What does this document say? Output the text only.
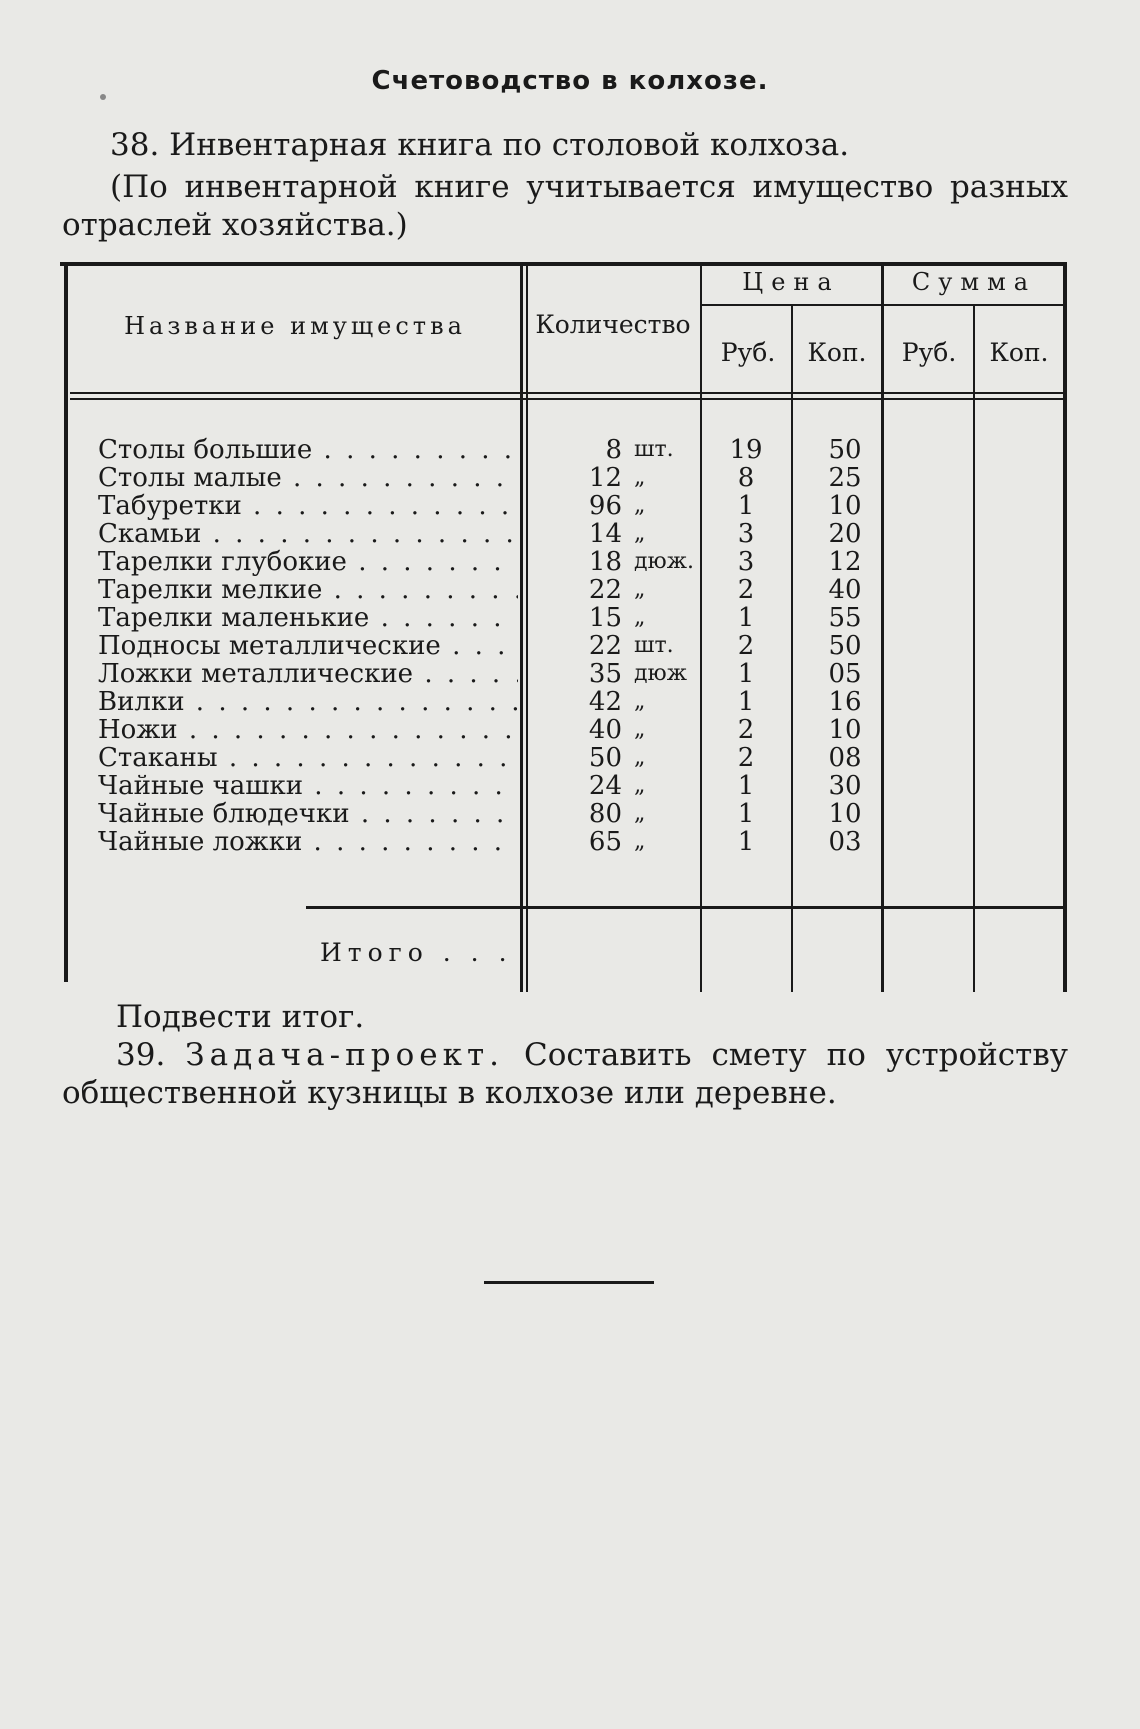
Счетоводство в колхозе.
38. Инвентарная книга по столовой колхоза.
(По инвентарной книге учитывается имущество разных
отраслей хозяйства.)
Название имущества	Количество
Цена	Сумма
Руб.	Коп.	Руб.	Коп.
Столы большие . . .	8 шт.	19	50
Столы малые . . .	12 „	8	25
Табуретки . . .	96 „	1	10
Скамьи . . .	14 „	3	20
Тарелки глубокие . . .	18 дюж.	3	12
Тарелки мелкие . . .	22 „	2	40
Тарелки маленькие . . .	15 „	1	55
Подносы металлические . . .	22 шт.	2	50
Ложки металлические . . .	35 дюж	1	05
Вилки . . .	42 „	1	16
Ножи . . .	40 „	2	10
Стаканы . . .	50 „	2	08
Чайные чашки . . .	24 „	1	30
Чайные блюдечки . . .	80 „	1	10
Чайные ложки . . .	65 „	1	03
Итого . . .
Подвести итог.
39. Задача-проект. Составить смету по устройству
общественной кузницы в колхозе или деревне.
